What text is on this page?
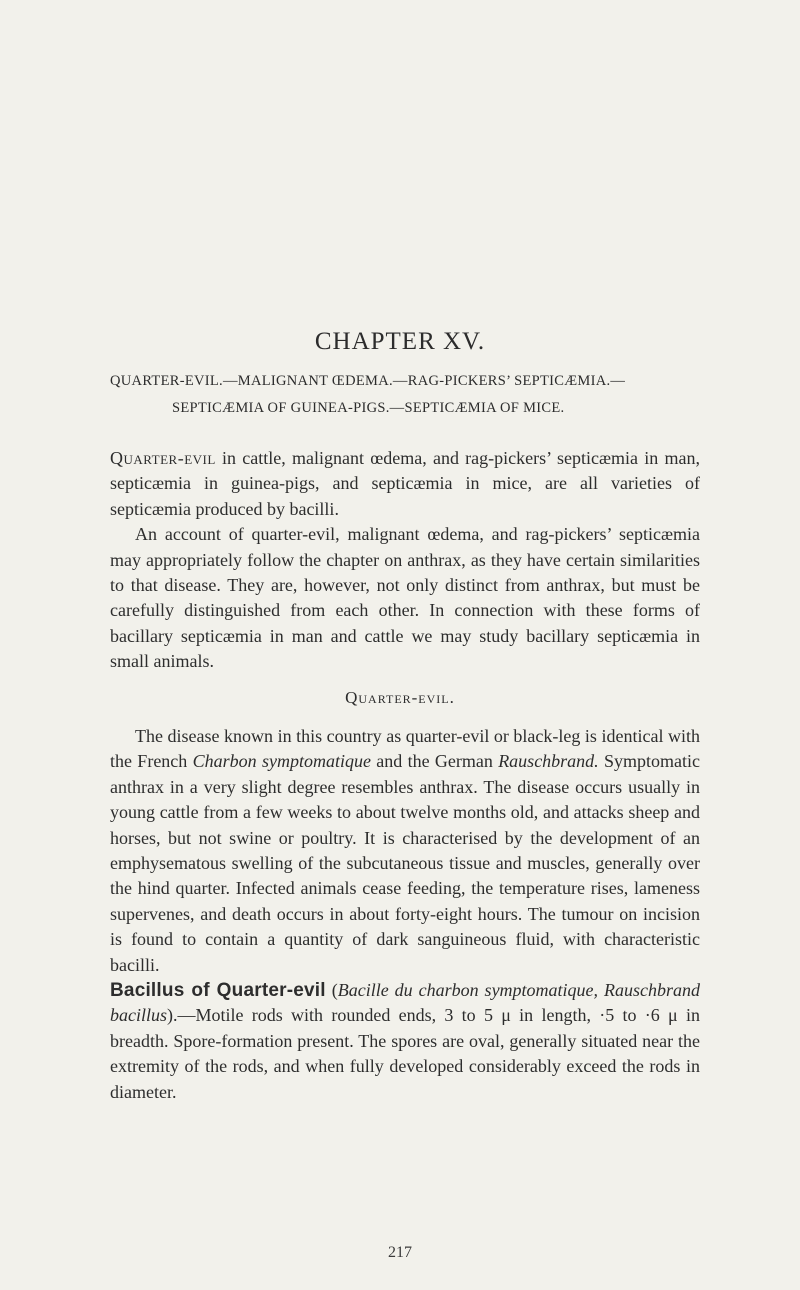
CHAPTER XV.
QUARTER-EVIL.—MALIGNANT ŒDEMA.—RAG-PICKERS’ SEPTICÆMIA.—
SEPTICÆMIA OF GUINEA-PIGS.—SEPTICÆMIA OF MICE.

Quarter-evil in cattle, malignant œdema, and rag-pickers’ septicæmia in man, septicæmia in guinea-pigs, and septicæmia in mice, are all varieties of septicæmia produced by bacilli.

An account of quarter-evil, malignant œdema, and rag-pickers’ septicæmia may appropriately follow the chapter on anthrax, as they have certain similarities to that disease. They are, however, not only distinct from anthrax, but must be carefully distinguished from each other. In connection with these forms of bacillary septicæmia in man and cattle we may study bacillary septicæmia in small animals.

Quarter-evil.

The disease known in this country as quarter-evil or black-leg is identical with the French Charbon symptomatique and the German Rauschbrand. Symptomatic anthrax in a very slight degree resembles anthrax. The disease occurs usually in young cattle from a few weeks to about twelve months old, and attacks sheep and horses, but not swine or poultry. It is characterised by the development of an emphysematous swelling of the subcutaneous tissue and muscles, generally over the hind quarter. Infected animals cease feeding, the temperature rises, lameness supervenes, and death occurs in about forty-eight hours. The tumour on incision is found to contain a quantity of dark sanguineous fluid, with characteristic bacilli.

Bacillus of Quarter-evil (Bacille du charbon symptomatique, Rauschbrand bacillus).—Motile rods with rounded ends, 3 to 5 μ in length, ·5 to ·6 μ in breadth. Spore-formation present. The spores are oval, generally situated near the extremity of the rods, and when fully developed considerably exceed the rods in diameter.

217
